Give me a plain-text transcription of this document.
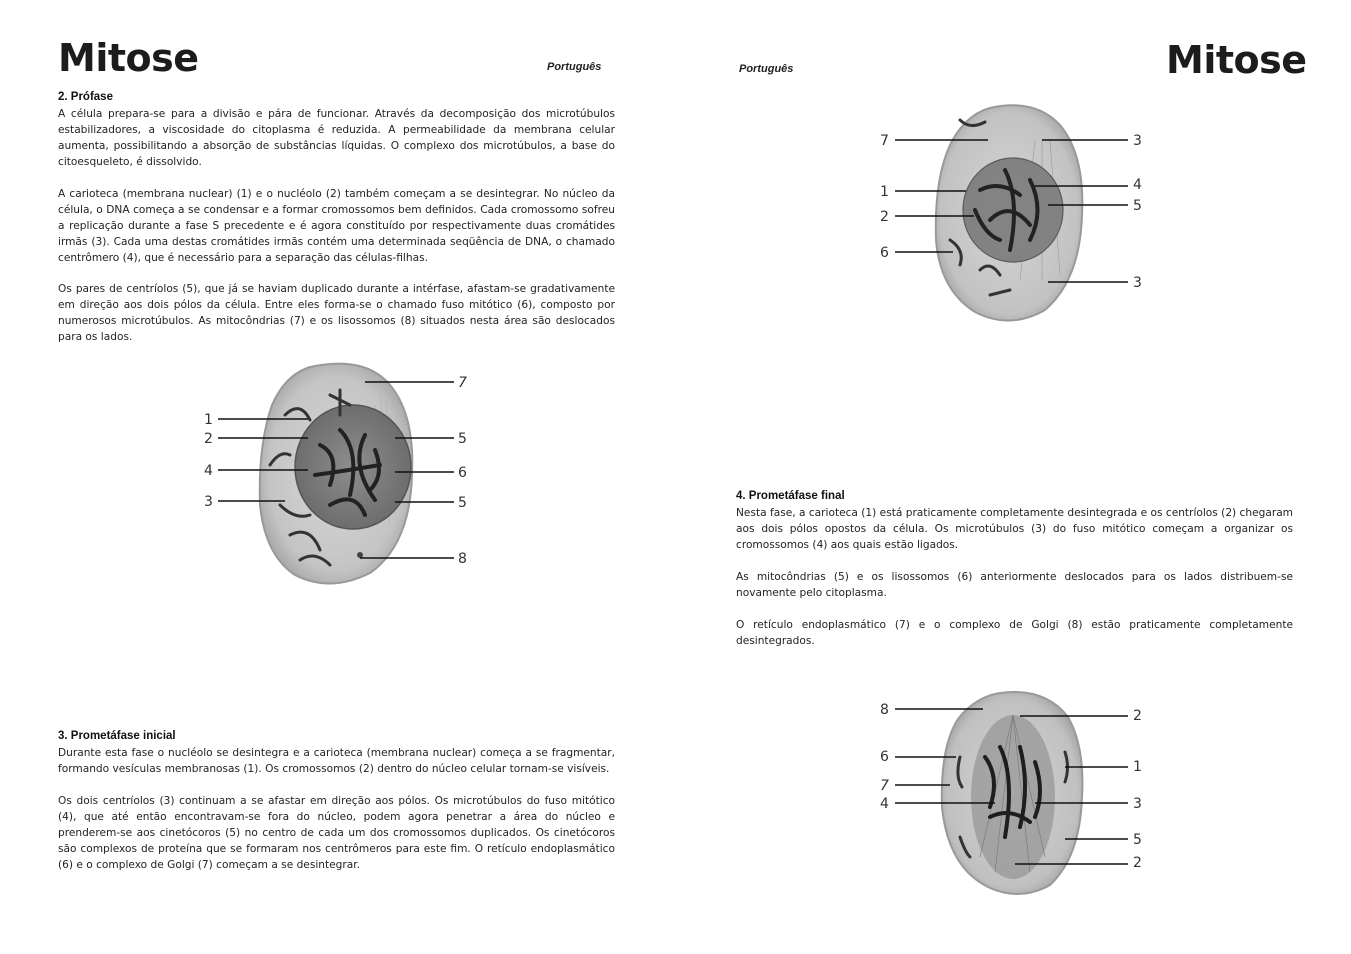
Mitose	Português
2. Prófase

A célula prepara-se para a divisão e pára de funcionar. Através da decomposição dos microtúbulos estabilizadores, a viscosidade do citoplasma é reduzida. A permeabilidade da membrana celular aumenta, possibilitando a absorção de substâncias líquidas. O complexo dos microtúbulos, a base do citoesqueleto, é dissolvido.

A carioteca (membrana nuclear) (1) e o nucléolo (2) também começam a se desintegrar. No núcleo da célula, o DNA começa a se condensar e a formar cromossomos bem definidos. Cada cromossomo sofreu a replicação durante a fase S precedente e é agora constituído por respectivamente duas cromátides irmãs (3). Cada uma destas cromátides irmãs contém uma determinada seqüência de DNA, o chamado centrômero (4), que é necessário para a separação das células-filhas.

Os pares de centríolos (5), que já se haviam duplicado durante a intérfase, afastam-se gradativamente em direção aos dois pólos da célula. Entre eles forma-se o chamado fuso mitótico (6), composto por numerosos microtúbulos. As mitocôndrias (7) e os lisossomos (8) situados nesta área são deslocados para os lados.

1
2
4
3
7
5
6
5
8
3. Prometáfase inicial

Durante esta fase o nucléolo se desintegra e a carioteca (membrana nuclear) começa a se fragmentar, formando vesículas membranosas (1). Os cromossomos (2) dentro do núcleo celular tornam-se visíveis.

Os dois centríolos (3) continuam a se afastar em direção aos pólos. Os microtúbulos do fuso mitótico (4), que até então encontravam-se fora do núcleo, podem agora penetrar a área do núcleo e prenderem-se aos cinetócoros (5) no centro de cada um dos cromossomos duplicados. Os cinetócoros são complexos de proteína que se formaram nos centrômeros para este fim. O retículo endoplasmático (6) e o complexo de Golgi (7) começam a se desintegrar.

Português	Mitose
7
1
2
6
3
4
5
3
4. Prometáfase final

Nesta fase, a carioteca (1) está praticamente completamente desintegrada e os centríolos (2) chegaram aos dois pólos opostos da célula. Os microtúbulos (3) do fuso mitótico começam a organizar os cromossomos (4) aos quais estão ligados.

As mitocôndrias (5) e os lisossomos (6) anteriormente deslocados para os lados distribuem-se novamente pelo citoplasma.

O retículo endoplasmático (7) e o complexo de Golgi (8) estão praticamente completamente desintegrados.

8
6
7
4
2
1
3
5
2
